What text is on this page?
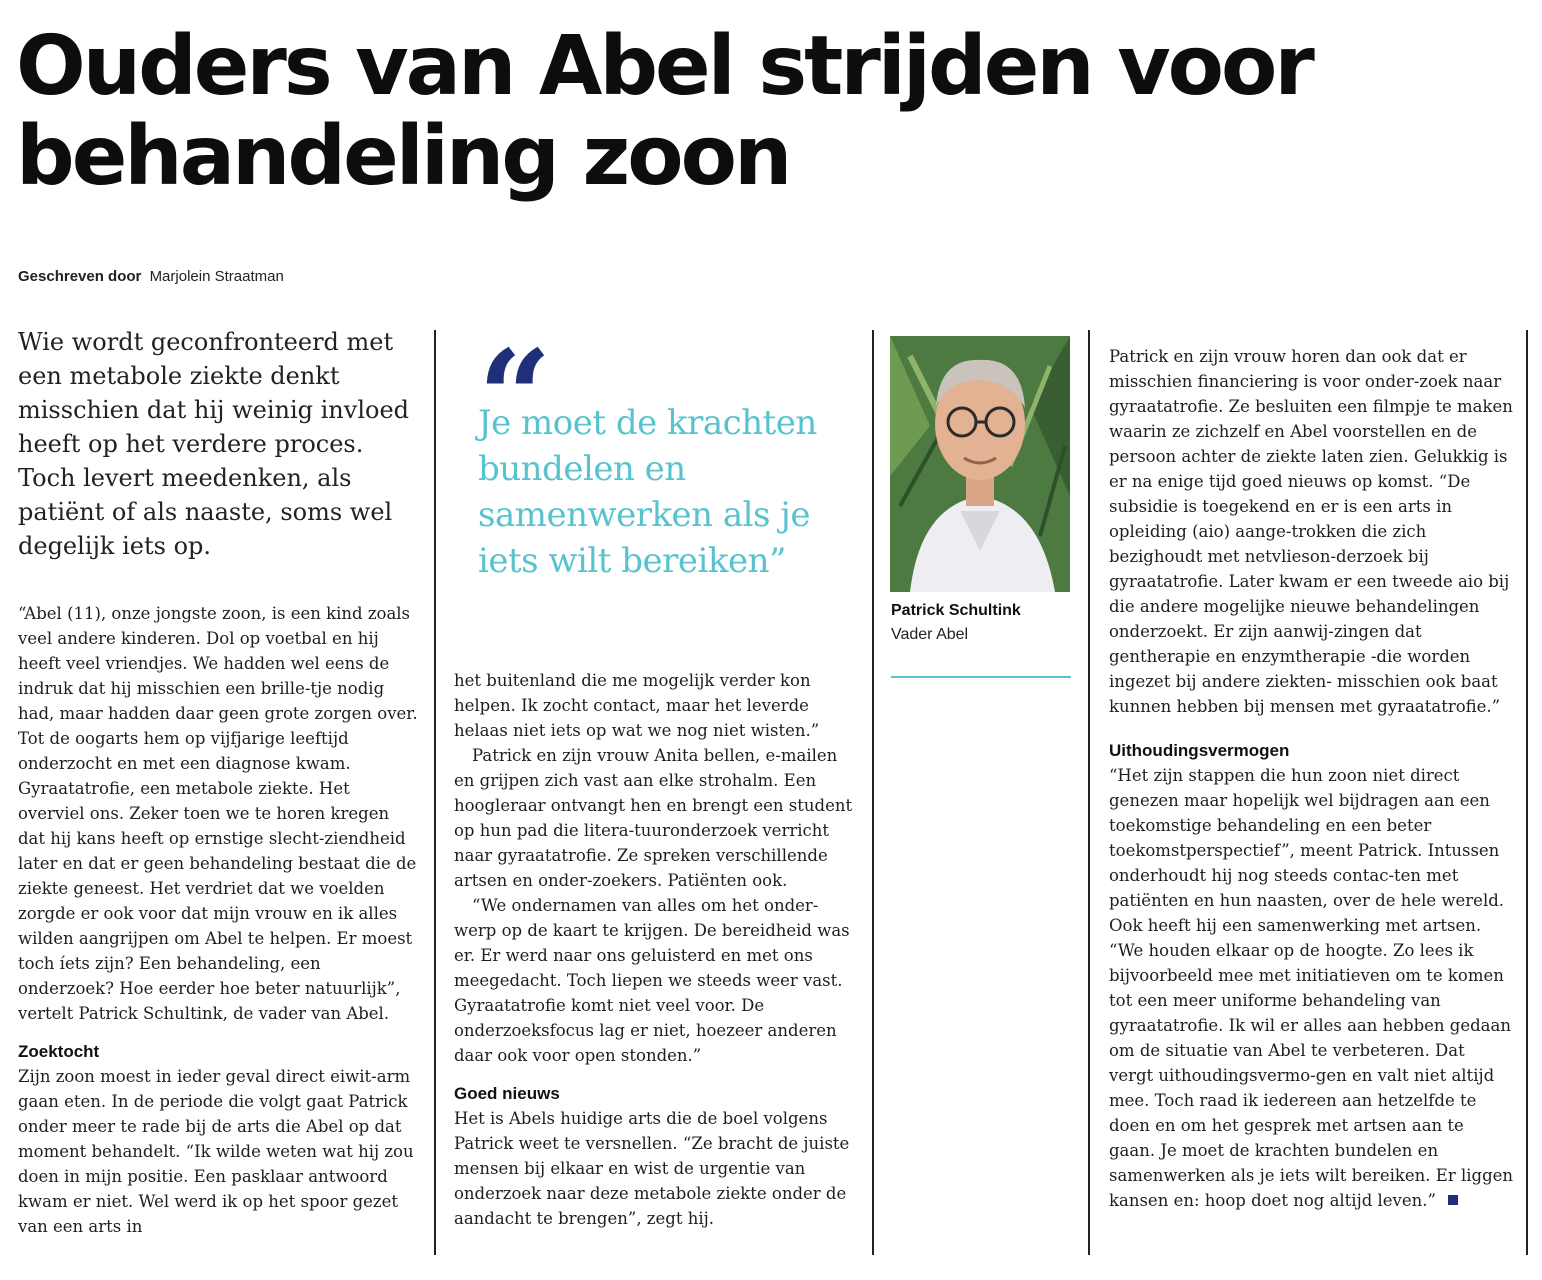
Ouders van Abel strijden voor behandeling zoon
Geschreven door Marjolein Straatman

Wie wordt geconfronteerd met een metabole ziekte denkt misschien dat hij weinig invloed heeft op het verdere proces. Toch levert meedenken, als patiënt of als naaste, soms wel degelijk iets op.

“Abel (11), onze jongste zoon, is een kind zoals veel andere kinderen. Dol op voetbal en hij heeft veel vriendjes. We hadden wel eens de indruk dat hij misschien een brille-tje nodig had, maar hadden daar geen grote zorgen over. Tot de oogarts hem op vijfjarige leeftijd onderzocht en met een diagnose kwam. Gyraatatrofie, een metabole ziekte. Het overviel ons. Zeker toen we te horen kregen dat hij kans heeft op ernstige slecht-ziendheid later en dat er geen behandeling bestaat die de ziekte geneest. Het verdriet dat we voelden zorgde er ook voor dat mijn vrouw en ik alles wilden aangrijpen om Abel te helpen. Er moest toch íets zijn? Een behandeling, een onderzoek? Hoe eerder hoe beter natuurlijk”, vertelt Patrick Schultink, de vader van Abel.

Zoektocht

Zijn zoon moest in ieder geval direct eiwit-arm gaan eten. In de periode die volgt gaat Patrick onder meer te rade bij de arts die Abel op dat moment behandelt. “Ik wilde weten wat hij zou doen in mijn positie. Een pasklaar antwoord kwam er niet. Wel werd ik op het spoor gezet van een arts in

“
Je moet de krachten bundelen en samenwerken als je iets wilt bereiken”

het buitenland die me mogelijk verder kon helpen. Ik zocht contact, maar het leverde helaas niet iets op wat we nog niet wisten.”

Patrick en zijn vrouw Anita bellen, e-mailen en grijpen zich vast aan elke strohalm. Een hoogleraar ontvangt hen en brengt een student op hun pad die litera-tuuronderzoek verricht naar gyraatatrofie. Ze spreken verschillende artsen en onder-zoekers. Patiënten ook.

“We ondernamen van alles om het onder-werp op de kaart te krijgen. De bereidheid was er. Er werd naar ons geluisterd en met ons meegedacht. Toch liepen we steeds weer vast. Gyraatatrofie komt niet veel voor. De onderzoeksfocus lag er niet, hoezeer anderen daar ook voor open stonden.”

Goed nieuws

Het is Abels huidige arts die de boel volgens Patrick weet te versnellen. “Ze bracht de juiste mensen bij elkaar en wist de urgentie van onderzoek naar deze metabole ziekte onder de aandacht te brengen”, zegt hij.

Patrick Schultink
Vader Abel

Patrick en zijn vrouw horen dan ook dat er misschien financiering is voor onder-zoek naar gyraatatrofie. Ze besluiten een filmpje te maken waarin ze zichzelf en Abel voorstellen en de persoon achter de ziekte laten zien. Gelukkig is er na enige tijd goed nieuws op komst. “De subsidie is toegekend en er is een arts in opleiding (aio) aange-trokken die zich bezighoudt met netvlieson-derzoek bij gyraatatrofie. Later kwam er een tweede aio bij die andere mogelijke nieuwe behandelingen onderzoekt. Er zijn aanwij-zingen dat gentherapie en enzymtherapie -die worden ingezet bij andere ziekten- misschien ook baat kunnen hebben bij mensen met gyraatatrofie.”

Uithoudingsvermogen

“Het zijn stappen die hun zoon niet direct genezen maar hopelijk wel bijdragen aan een toekomstige behandeling en een beter toekomstperspectief”, meent Patrick. Intussen onderhoudt hij nog steeds contac-ten met patiënten en hun naasten, over de hele wereld. Ook heeft hij een samenwerking met artsen. “We houden elkaar op de hoogte. Zo lees ik bijvoorbeeld mee met initiatieven om te komen tot een meer uniforme behandeling van gyraatatrofie. Ik wil er alles aan hebben gedaan om de situatie van Abel te verbeteren. Dat vergt uithoudingsvermo-gen en valt niet altijd mee. Toch raad ik iedereen aan hetzelfde te doen en om het gesprek met artsen aan te gaan. Je moet de krachten bundelen en samenwerken als je iets wilt bereiken. Er liggen kansen en: hoop doet nog altijd leven.”
